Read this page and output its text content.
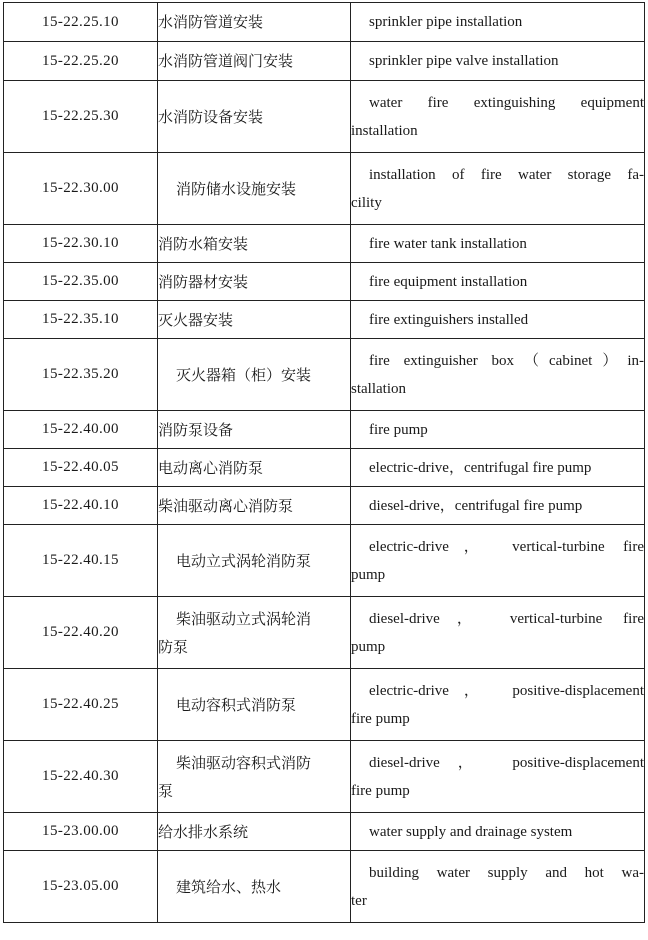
15-22.25.10	水消防管道安装	sprinkler pipe installation

15-22.25.20	水消防管道阀门安装	sprinkler pipe valve installation

15-22.25.30	水消防设备安装	water fire extinguishing equipment
installation

15-22.30.00	消防储水设施安装	installation of fire water storage fa-
cility

15-22.30.10	消防水箱安装	fire water tank installation

15-22.35.00	消防器材安装	fire equipment installation

15-22.35.10	灭火器安装	fire extinguishers installed

15-22.35.20	灭火器箱（柜）安装	fire extinguisher box（cabinet）in-
stallation

15-22.40.00	消防泵设备	fire pump

15-22.40.05	电动离心消防泵	electric-drive，centrifugal fire pump

15-22.40.10	柴油驱动离心消防泵	diesel-drive，centrifugal fire pump

15-22.40.15	电动立式涡轮消防泵	electric-drive， vertical-turbine fire
pump

15-22.40.20	柴油驱动立式涡轮消
防泵	diesel-drive， vertical-turbine fire
pump

15-22.40.25	电动容积式消防泵	electric-drive， positive-displacement
fire pump

15-22.40.30	柴油驱动容积式消防
泵	diesel-drive， positive-displacement
fire pump

15-23.00.00	给水排水系统	water supply and drainage system

15-23.05.00	建筑给水、热水	building water supply and hot wa-
ter
